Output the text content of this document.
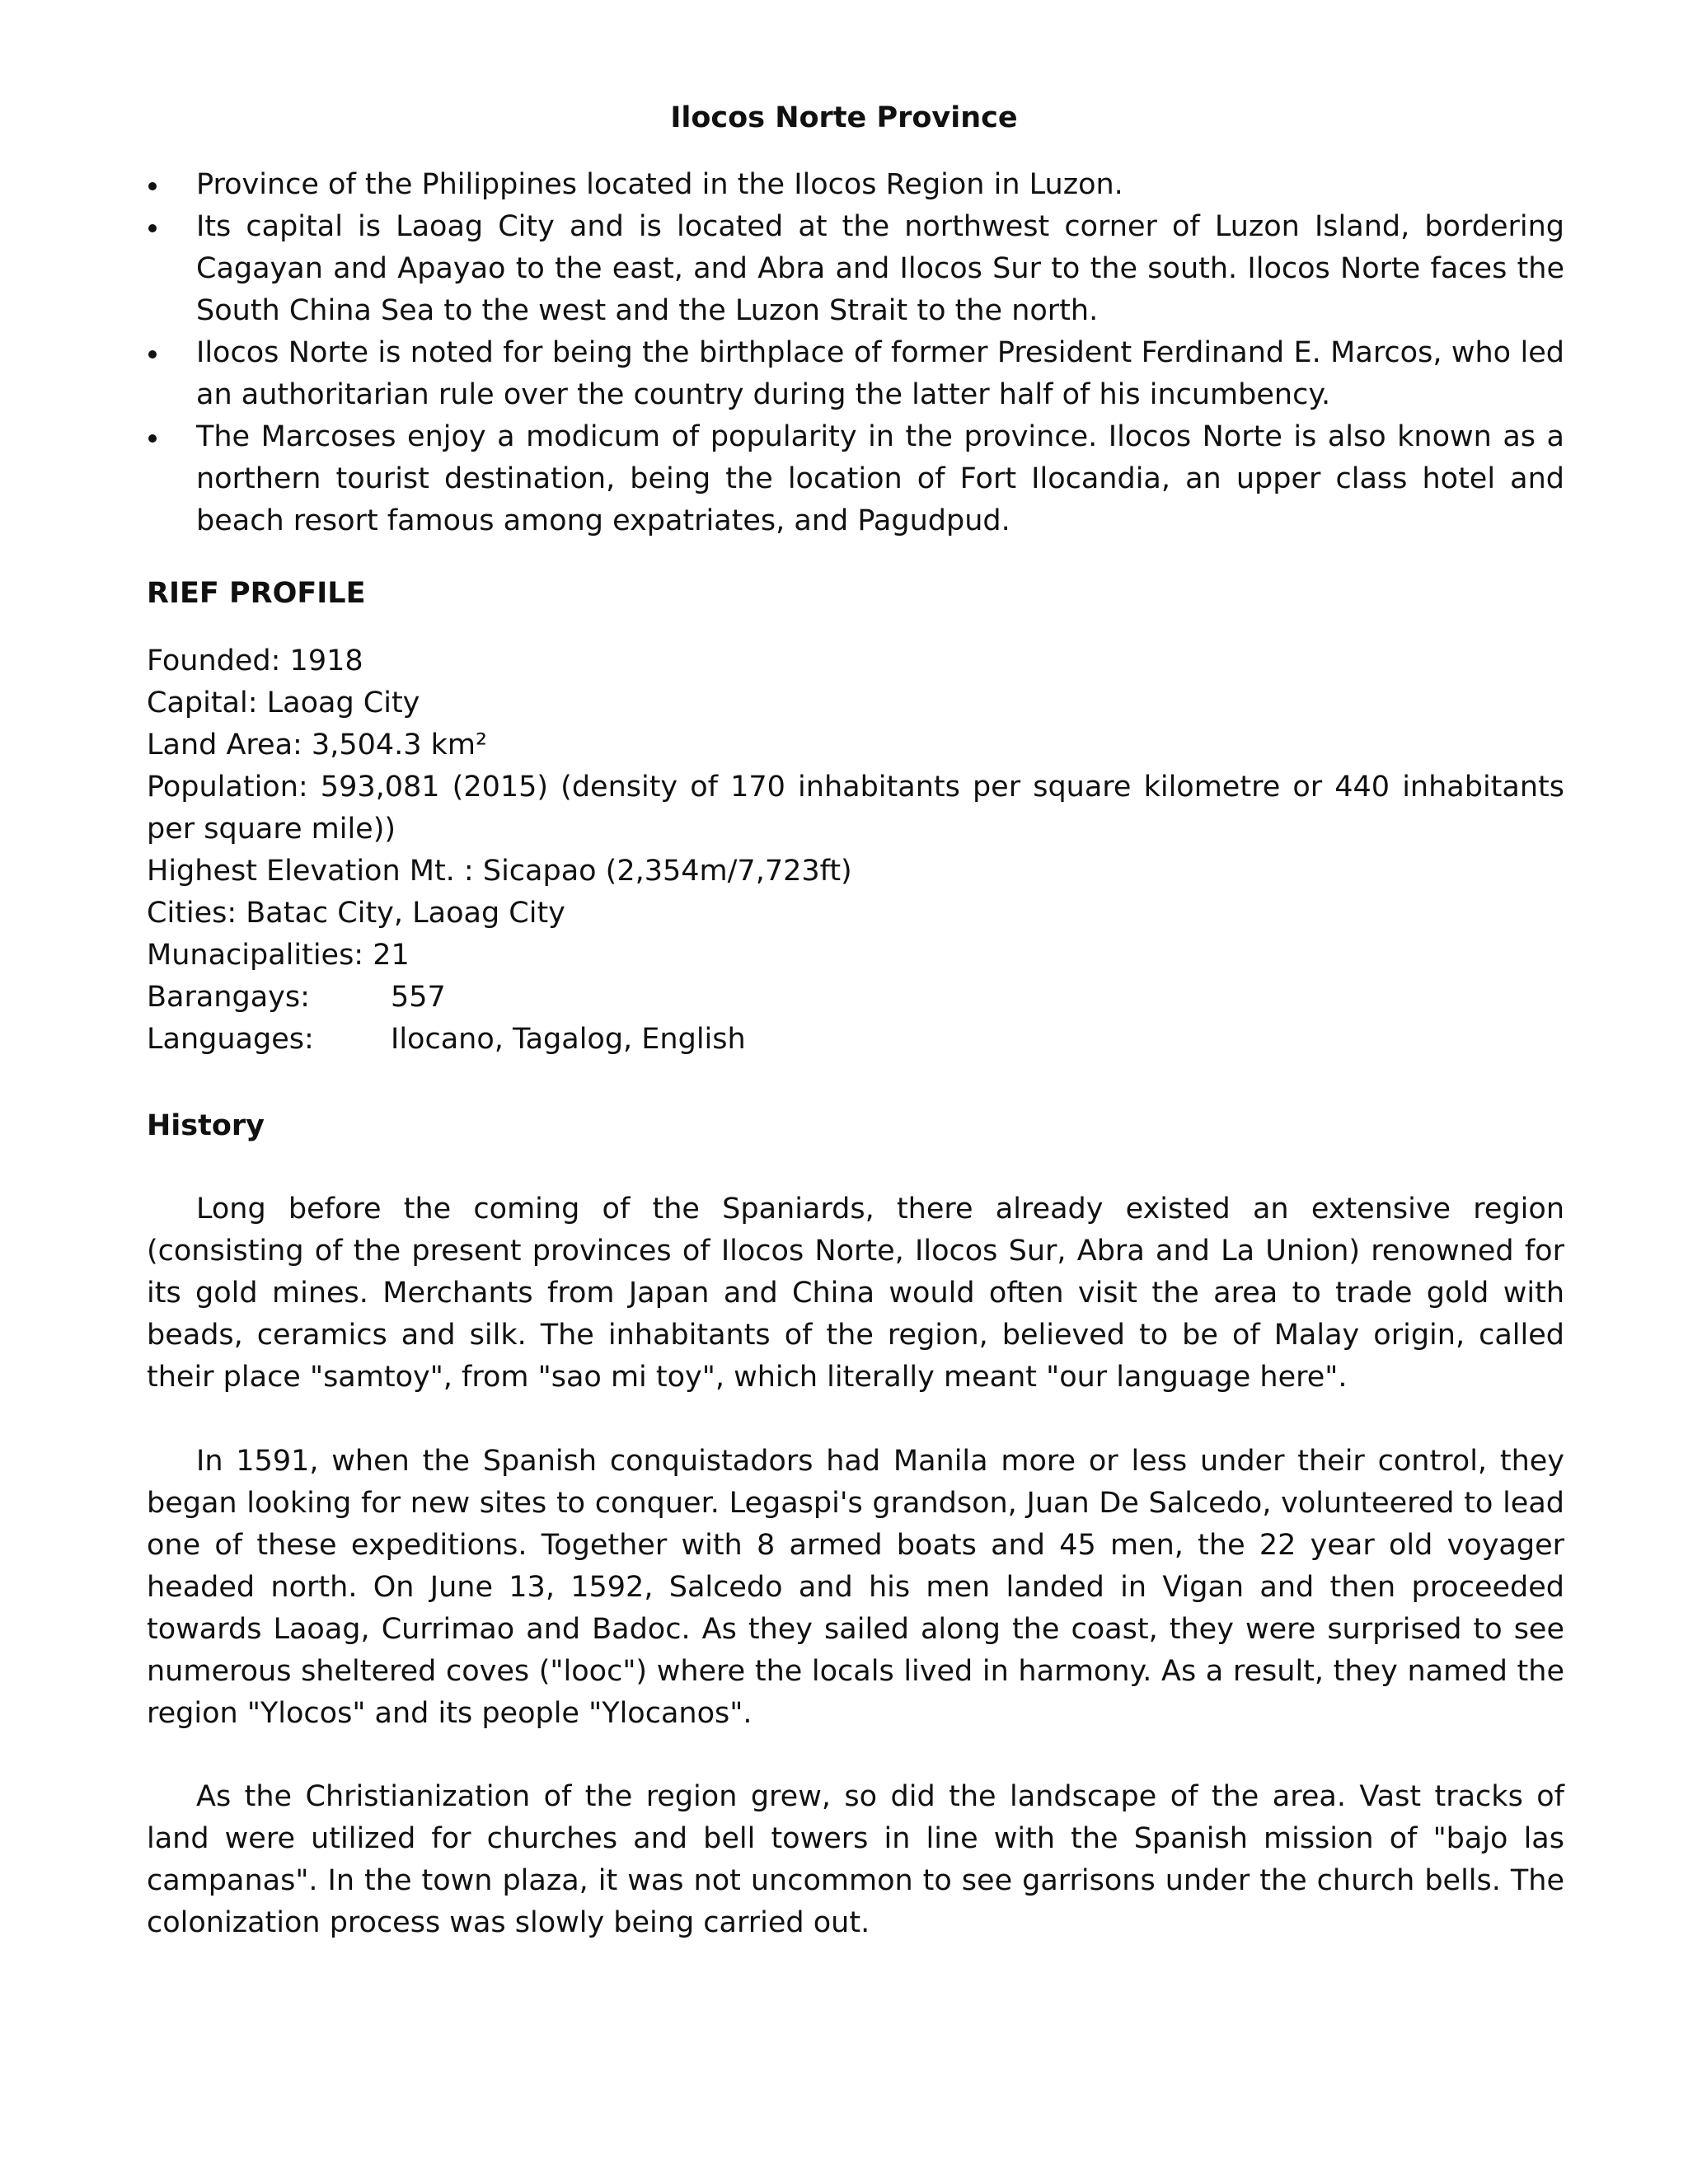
Ilocos Norte Province
Province of the Philippines located in the Ilocos Region in Luzon.
Its capital is Laoag City and is located at the northwest corner of Luzon Island, bordering Cagayan and Apayao to the east, and Abra and Ilocos Sur to the south. Ilocos Norte faces the South China Sea to the west and the Luzon Strait to the north.
Ilocos Norte is noted for being the birthplace of former President Ferdinand E. Marcos, who led an authoritarian rule over the country during the latter half of his incumbency.
The Marcoses enjoy a modicum of popularity in the province. Ilocos Norte is also known as a northern tourist destination, being the location of Fort Ilocandia, an upper class hotel and beach resort famous among expatriates, and Pagudpud.
RIEF PROFILE
Founded: 1918
Capital: Laoag City
Land Area: 3,504.3 km²
Population: 593,081 (2015) (density of 170 inhabitants per square kilometre or 440 inhabitants per square mile))
Highest Elevation Mt. : Sicapao (2,354m/7,723ft)
Cities: Batac City, Laoag City
Munacipalities: 21
Barangays:	557
Languages:	Ilocano, Tagalog, English
History

Long before the coming of the Spaniards, there already existed an extensive region (consisting of the present provinces of Ilocos Norte, Ilocos Sur, Abra and La Union) renowned for its gold mines. Merchants from Japan and China would often visit the area to trade gold with beads, ceramics and silk. The inhabitants of the region, believed to be of Malay origin, called their place "samtoy", from "sao mi toy", which literally meant "our language here".

In 1591, when the Spanish conquistadors had Manila more or less under their control, they began looking for new sites to conquer. Legaspi's grandson, Juan De Salcedo, volunteered to lead one of these expeditions. Together with 8 armed boats and 45 men, the 22 year old voyager headed north. On June 13, 1592, Salcedo and his men landed in Vigan and then proceeded towards Laoag, Currimao and Badoc. As they sailed along the coast, they were surprised to see numerous sheltered coves ("looc") where the locals lived in harmony. As a result, they named the region "Ylocos" and its people "Ylocanos".

As the Christianization of the region grew, so did the landscape of the area. Vast tracks of land were utilized for churches and bell towers in line with the Spanish mission of "bajo las campanas". In the town plaza, it was not uncommon to see garrisons under the church bells. The colonization process was slowly being carried out.
